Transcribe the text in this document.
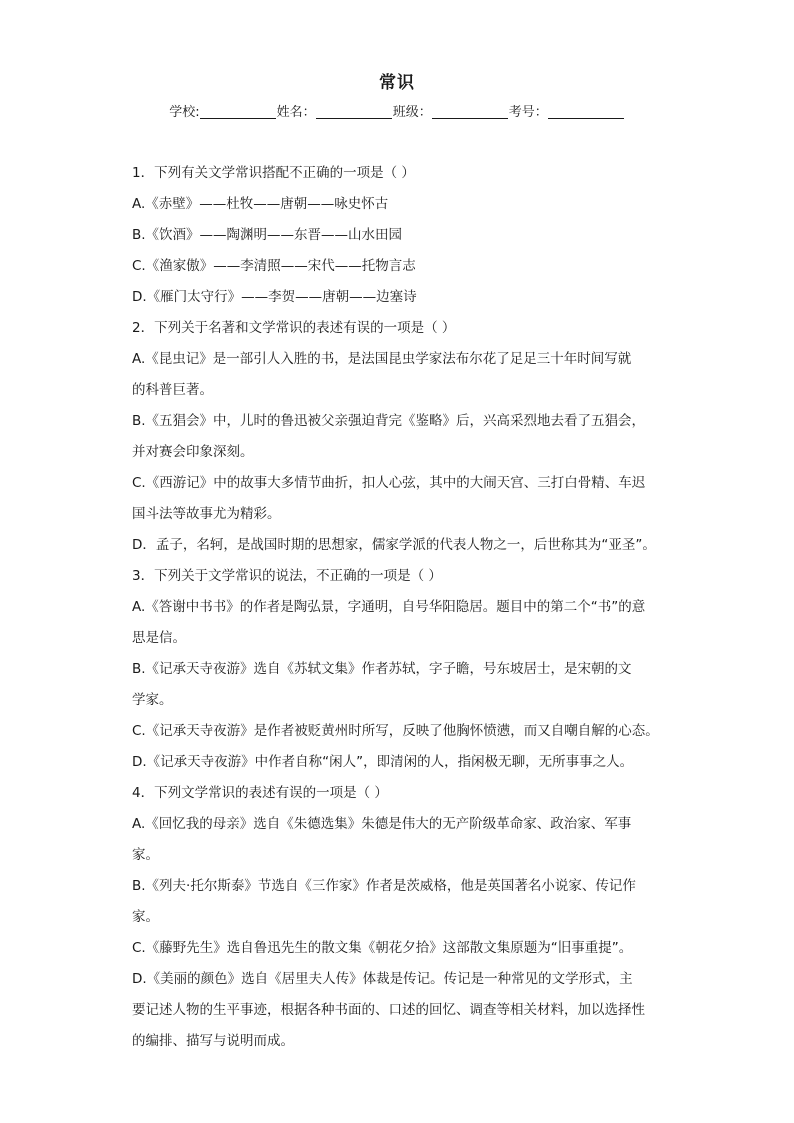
常识
学校:	姓名：	班级：	考号：
1．下列有关文学常识搭配不正确的一项是（ ）
A.《赤壁》——杜牧——唐朝——咏史怀古
B.《饮酒》——陶渊明——东晋——山水田园
C.《渔家傲》——李清照——宋代——托物言志
D.《雁门太守行》——李贺——唐朝——边塞诗
2．下列关于名著和文学常识的表述有误的一项是（ ）
A.《昆虫记》是一部引人入胜的书，是法国昆虫学家法布尔花了足足三十年时间写就
的科普巨著。
B.《五猖会》中，儿时的鲁迅被父亲强迫背完《鉴略》后，兴高采烈地去看了五猖会，
并对赛会印象深刻。
C.《西游记》中的故事大多情节曲折，扣人心弦，其中的大闹天宫、三打白骨精、车迟
国斗法等故事尤为精彩。
D．孟子，名轲，是战国时期的思想家，儒家学派的代表人物之一，后世称其为“亚圣”。
3．下列关于文学常识的说法，不正确的一项是（ ）
A.《答谢中书书》的作者是陶弘景，字通明，自号华阳隐居。题目中的第二个“书”的意
思是信。
B.《记承天寺夜游》选自《苏轼文集》作者苏轼，字子瞻，号东坡居士，是宋朝的文
学家。
C.《记承天寺夜游》是作者被贬黄州时所写，反映了他胸怀愤懑，而又自嘲自解的心态。
D.《记承天寺夜游》中作者自称“闲人”，即清闲的人，指闲极无聊，无所事事之人。
4．下列文学常识的表述有误的一项是（ ）
A.《回忆我的母亲》选自《朱德选集》朱德是伟大的无产阶级革命家、政治家、军事
家。
B.《列夫·托尔斯泰》节选自《三作家》作者是茨威格，他是英国著名小说家、传记作
家。
C.《藤野先生》选自鲁迅先生的散文集《朝花夕拾》这部散文集原题为“旧事重提”。
D.《美丽的颜色》选自《居里夫人传》体裁是传记。传记是一种常见的文学形式，主
要记述人物的生平事迹，根据各种书面的、口述的回忆、调查等相关材料，加以选择性
的编排、描写与说明而成。
